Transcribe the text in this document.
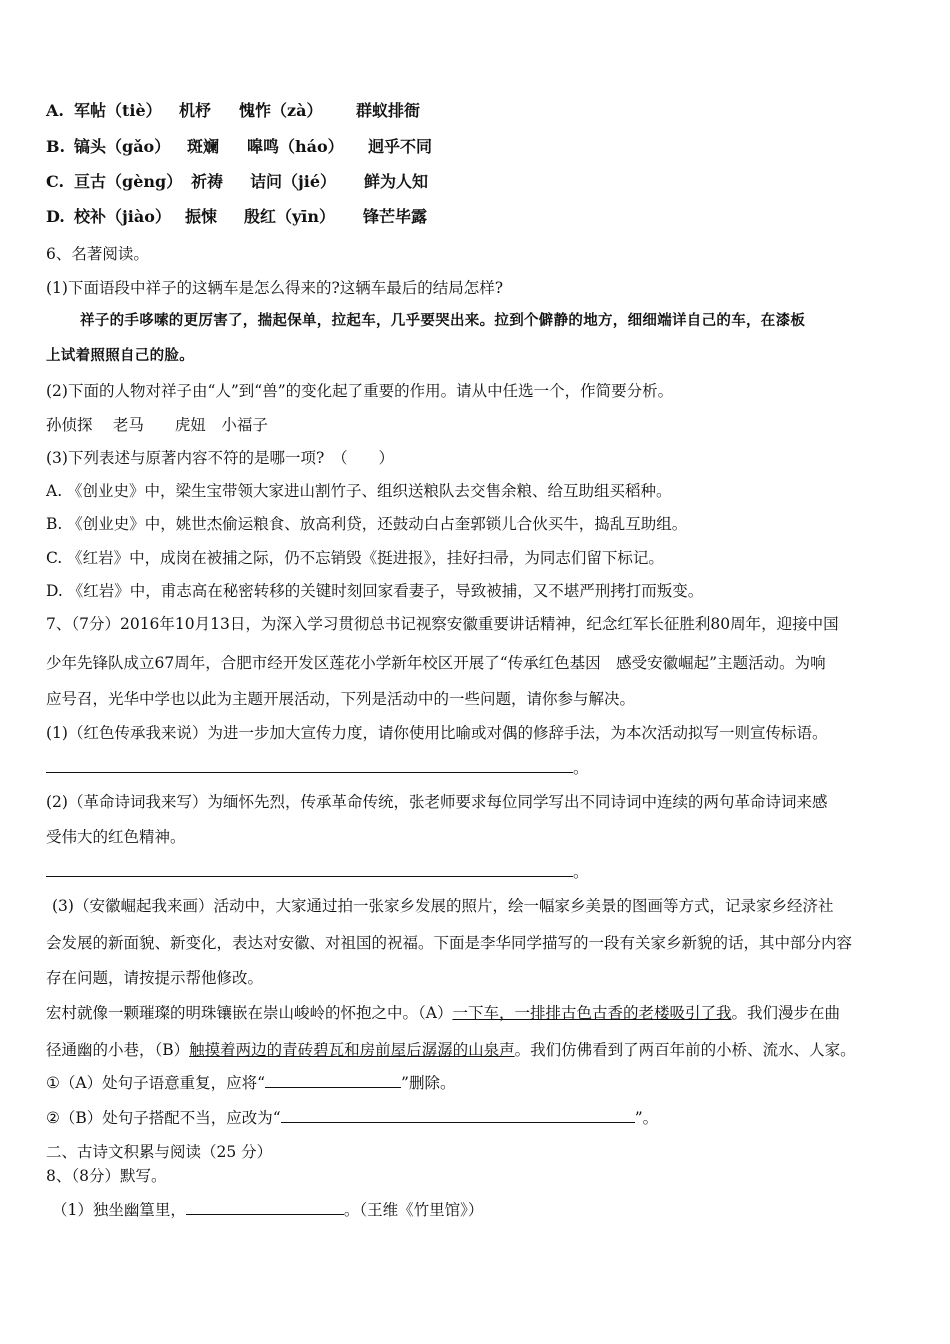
A. 军帖（tiè） 机杼 愧怍（zà） 群蚁排衙
B. 镐头（gǎo） 斑斓 嗥鸣（háo） 迥乎不同
C. 亘古（gèng） 祈祷 诘问（jié） 鲜为人知
D. 校补（jiào） 振悚 殷红（yīn） 锋芒毕露
6、名著阅读。
(1)下面语段中祥子的这辆车是怎么得来的?这辆车最后的结局怎样?
祥子的手哆嗦的更厉害了，揣起保单，拉起车，几乎要哭出来。拉到个僻静的地方，细细端详自己的车，在漆板
上试着照照自己的脸。
(2)下面的人物对祥子由“人”到“兽”的变化起了重要的作用。请从中任选一个，作简要分析。
孙侦探　 老马　　虎妞　小福子
(3)下列表述与原著内容不符的是哪一项?　（　　）
A. 《创业史》中，梁生宝带领大家进山割竹子、组织送粮队去交售余粮、给互助组买稻种。
B. 《创业史》中，姚世杰偷运粮食、放高利贷，还鼓动白占奎郭锁儿合伙买牛，捣乱互助组。
C. 《红岩》中，成岗在被捕之际，仍不忘销毁《挺进报》，挂好扫帚，为同志们留下标记。
D. 《红岩》中，甫志高在秘密转移的关键时刻回家看妻子，导致被捕，又不堪严刑拷打而叛变。
7、（7分）2016年10月13日，为深入学习贯彻总书记视察安徽重要讲话精神，纪念红军长征胜利80周年，迎接中国
少年先锋队成立67周年，合肥市经开发区莲花小学新年校区开展了“传承红色基因　感受安徽崛起”主题活动。为响
应号召，光华中学也以此为主题开展活动，下列是活动中的一些问题，请你参与解决。
(1)（红色传承我来说）为进一步加大宣传力度，请你使用比喻或对偶的修辞手法，为本次活动拟写一则宣传标语。
。
(2)（革命诗词我来写）为缅怀先烈，传承革命传统，张老师要求每位同学写出不同诗词中连续的两句革命诗词来感
受伟大的红色精神。
。
(3)（安徽崛起我来画）活动中，大家通过拍一张家乡发展的照片，绘一幅家乡美景的图画等方式，记录家乡经济社
会发展的新面貌、新变化，表达对安徽、对祖国的祝福。下面是李华同学描写的一段有关家乡新貌的话，其中部分内容
存在问题，请按提示帮他修改。
宏村就像一颗璀璨的明珠镶嵌在崇山峻岭的怀抱之中。（A）一下车，一排排古色古香的老楼吸引了我。我们漫步在曲
径通幽的小巷，（B）触摸着两边的青砖碧瓦和房前屋后潺潺的山泉声。我们仿佛看到了两百年前的小桥、流水、人家。
①（A）处句子语意重复，应将“	”删除。
②（B）处句子搭配不当，应改为“	”。
二、古诗文积累与阅读（25 分）
8、（8分）默写。
（1）独坐幽篁里，	。（王维《竹里馆》）
